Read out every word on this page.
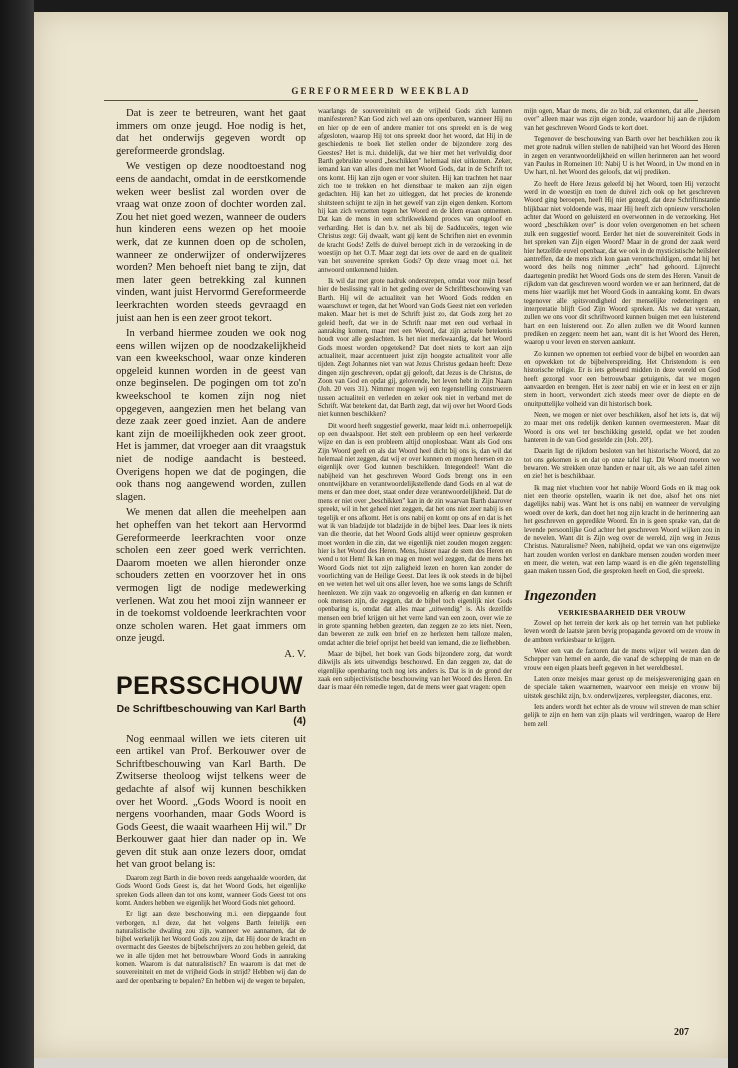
GEREFORMEERD WEEKBLAD

Dat is zeer te betreuren, want het gaat immers om onze jeugd. Hoe nodig is het, dat het onderwijs gegeven wordt op gereformeerde grondslag.

We vestigen op deze noodtoestand nog eens de aandacht, omdat in de eerstkomende weken weer beslist zal worden over de vraag wat onze zoon of dochter worden zal. Zou het niet goed wezen, wanneer de ouders hun kinderen eens wezen op het mooie werk, dat ze kunnen doen op de scholen, wanneer ze onderwijzer of onderwijzeres worden? Men behoeft niet bang te zijn, dat men later geen betrekking zal kunnen vinden, want juist Hervormd Gereformeerde leerkrachten worden steeds gevraagd en juist aan hen is een zeer groot tekort.

In verband hiermee zouden we ook nog eens willen wijzen op de noodzakelijkheid van een kweekschool, waar onze kinderen opgeleid kunnen worden in de geest van onze beginselen. De pogingen om tot zo'n kweekschool te komen zijn nog niet opgegeven, aangezien men het belang van deze zaak zeer goed inziet. Aan de andere kant zijn de moeilijkheden ook zeer groot. Het is jammer, dat vroeger aan dit vraagstuk niet de nodige aandacht is besteed. Overigens hopen we dat de pogingen, die ook thans nog aangewend worden, zullen slagen.

We menen dat allen die meehelpen aan het opheffen van het tekort aan Hervormd Gereformeerde leerkrachten voor onze scholen een zeer goed werk verrichten. Daarom moeten we allen hieronder onze schouders zetten en voorzover het in ons vermogen ligt de nodige medewerking verlenen. Wat zou het mooi zijn wanneer er in de toekomst voldoende leerkrachten voor onze scholen waren. Het gaat immers om onze jeugd.

A. V.

PERSSCHOUW
De Schriftbeschouwing van Karl Barth (4)

Nog eenmaal willen we iets citeren uit een artikel van Prof. Berkouwer over de Schriftbeschouwing van Karl Barth. De Zwitserse theoloog wijst telkens weer de gedachte af alsof wij kunnen beschikken over het Woord. „Gods Woord is nooit en nergens voorhanden, maar Gods Woord is Gods Geest, die waait waarheen Hij wil." Dr Berkouwer gaat hier dan nader op in. We geven dit stuk aan onze lezers door, omdat het van groot belang is:

Daarom zegt Barth in die boven reeds aangehaalde woorden, dat Gods Woord Gods Geest is, dat het Woord Gods, het eigenlijke spreken Gods alleen dan tot ons komt, wanneer Gods Geest tot ons komt. Anders hebben we eigenlijk het Woord Gods niet gehoord.

Er ligt aan deze beschouwing m.i. een diepgaande fout verborgen, n.l deze, dat het volgens Barth feitelijk een naturalistische dwaling zou zijn, wanneer we aannamen, dat de bijbel werkelijk het Woord Gods zou zijn, dat Hij door de kracht en overmacht des Geestes de bijbelschrijvers zo zou hebben geleid, dat we in alle tijden met het betrouwbare Woord Gods in aanraking komen. Waarom is dat naturalistisch? En waarom is dat met de souvereiniteit en met de vrijheid Gods in strijd? Hebben wij dan de aard der openbaring te bepalen? En hebben wij de wegen te bepalen,

waarlangs de souvereiniteit en de vrijheid Gods zich kunnen manifesteren? Kan God zich wel aan ons openbaren, wanneer Hij nu en hier op de een of andere manier tot ons spreekt en is de weg afgesloten, waarop Hij tot ons spreekt door het woord, dat Hij in de geschiedenis te boek liet stellen onder de bijzondere zorg des Geestes? Het is m.i. duidelijk, dat we hier met het verlvuldig door Barth gebruikte woord „beschikken" helemaal niet uitkomen. Zeker, iemand kan van alles doen met het Woord Gods, dat in de Schrift tot ons komt. Hij kan zijn ogen er voor sluiten. Hij kan trachten het naar zich toe te trekken en het dienstbaar te maken aan zijn eigen gedachten. Hij kan het zo uitleggen, dat het precies de kronende sluitsteen schijnt te zijn in het gewelf van zijn eigen denken. Kortom hij kan zich verzetten tegen het Woord en de klem eraan ontnemen. Dat kan de mens in een schrikwekkend proces van ongeloof en verharding. Het is dan b.v. net als bij de Sadduceërs, tegen wie Christus zegt: Gij dwaalt, want gij kent de Schriften niet en evenmin de kracht Gods! Zelfs de duivel beroept zich in de verzoeking in de woestijn op het O.T. Maar zegt dat iets over de aard en de qualiteit van het souvereine spreken Gods? Op deze vraag moet o.i. het antwoord ontkennend luiden.

Ik wil dat met grote nadruk onderstrepen, omdat voor mijn besef hier de beslissing valt in het geding over de Schriftbeschouwing van Barth. Hij wil de actualiteit van het Woord Gods redden en waarschuwt er tegen, dat het Woord van Gods Geest niet een verleden maken. Maar het is met de Schrift juist zo, dat Gods zorg het zo geleid heeft, dat we in de Schrift naar met een oud verhaal in aanraking komen, maar met een Woord, dat zijn actuele betekenis houdt voor alle geslachten. Is het niet merkwaardig, dat het Woord Gods moest worden opgetekend? Dat doet niets te kort aan zijn actualiteit, maar accentueert juist zijn hoogste actualiteit voor alle tijden. Zegt Johannes niet van wat Jezus Christus gedaan heeft: Deze dingen zijn geschreven, opdat gij gelooft, dat Jezus is de Christus, de Zoon van God en opdat gij, gelovende, het leven hebt in Zijn Naam (Joh. 20 vers 31). Nimmer mogen wij een tegenstelling construeren tussen actualiteit en verleden en zeker ook niet in verband met de Schrift. Wat betekent dat, dat Barth zegt, dat wij over het Woord Gods niet kunnen beschikken?

Dit woord heeft suggestief gewerkt, maar leidt m.i. onherroepelijk op een dwaalspoor. Het stelt een probleem op een heel verkeerde wijze en dan is een probleem altijd onoplosbaar. Want als God ons Zijn Woord geeft en als dat Woord heel dicht bij ons is, dan wil dat helemaal niet zeggen, dat wij er over kunnen en mogen heersen en zo eigenlijk over God kunnen beschikken. Integendeel! Want die nabijheid van het geschreven Woord Gods brengt ons in een onontwijkbare en verantwoordelijkstellende dand Gods en al wat de mens er dan mee doet, staat onder deze verantwoordelijkheid. Dat de mens er niet over „beschikken" kan in de zin waarvan Barth daarover spreekt, wil in het geheel niet zeggen, dat het ons niet zeer nabij is en tegelijk er ons afkomt. Het is ons nabij en komt op ons af en dat is het wat ik van bladzijde tot bladzijde in de bijbel lees. Daar lees ik niets van die theorie, dat het Woord Gods altijd weer opnieuw gesproken moet worden in die zin, dat we eigenlijk niet zouden mogen zeggen: hier is het Woord des Heren. Mens, luister naar de stem des Heren en wend u tot Hem! Ik kan en mag en moet wel zeggen, dat de mens het Woord Gods niet tot zijn zaligheid lezen en horen kan zonder de voorlichting van de Heilige Geest. Dat lees ik ook steeds in de bijbel en we weten het wel uit ons aller leven, hoe we soms langs de Schrift heenlezen. We zijn vaak zo ongevoelig en afkerig en dan kunnen er ook mensen zijn, die zeggen, dat de bijbel toch eigenlijk niet Gods openbaring is, omdat dat alles maar „uitwendig" is. Als dezelfde mensen een brief krijgen uit het verre land van een zoon, over wie ze in grote spanning hebben gezeten, dan zeggen ze zo iets niet. Neen, dan beweren ze zulk een brief en ze herlezen hem talloze malen, omdat achter die brief oprijst het beeld van iemand, die ze liefhebben.

Maar de bijbel, het boek van Gods bijzondere zorg, dat wordt dikwijls als iets uitwendigs beschouwd. En dan zeggen ze, dat de eigenlijke openbaring toch nog iets anders is. Dat is in de grond der zaak een subjectivistische beschouwing van het Woord des Heren. En daar is maar één remedie tegen, dat de mens weer gaat vragen: open

mijn ogen, Maar de mens, die zo bidt, zal erkennen, dat alle „heersen over" alleen maar was zijn eigen zonde, waardoor hij aan de rijkdom van het geschreven Woord Gods te kort doet.

Tegenover de beschouwing van Barth over het beschikken zou ik met grote nadruk willen stellen de nabijheid van het Woord des Heren in zegen en verantwoordelijkheid en willen herinneren aan het woord van Paulus in Romeinen 10: Nabij U is het Woord, in Uw mond en in Uw hart, nl. het Woord des geloofs, dat wij prediken.

Zo heeft de Here Jezus geleefd bij het Woord, toen Hij verzocht werd in de woestijn en toen de duivel zich ook op het geschreven Woord ging beroepen, heeft Hij niet gezegd, dat deze Schriftinstantie blijkbaar niet voldoende was, maar Hij heeft zich opnieuw verscholen achter dat Woord en geluisterd en overwonnen in de verzoeking. Het woord „beschikken over" is door velen overgenomen en het scheen zulk een suggestief woord. Eerder het niet de souvereiniteit Gods in het spreken van Zijn eigen Woord? Maar in de grond der zaak werd hier hetzelfde euvel openbaar, dat we ook in de mysticistische heilsleer aantreffen, dat de mens zich kon gaan verontschuldigen, omdat hij het woord des heils nog nimmer „echt" had gehoord. Lijnrecht daartegenin predikt het Woord Gods ons de stem des Heren. Vanuit de rijkdom van dat geschreven woord worden we er aan herinnerd, dat de mens hier waarlijk met het Woord Gods in aanraking komt. En dwars tegenover alle spitsvondigheid der menselijke redeneringen en interpretatie blijft God Zijn Woord spreken. Als we dat verstaan, zullen we ons voor dit schriftwoord kunnen buigen met een luisterend hart en een luisterend oor. Zo allen zullen we dit Woord kunnen prediken en zeggen: neem het aan, want dit is het Woord des Heren, waarop u voor leven en sterven aankunt.

Zo kunnen we opnemen tot eerbied voor de bijbel en woorden aan en opwekken tot de bijbelverspreiding. Het Christendom is een historische religie. Er is iets gebeurd midden in deze wereld en God heeft gezorgd voor een betrouwbaar getuigenis, dat we mogen aanvaarden en brengen. Het is zeer nabij en wie er in leest en er zijn stem in hoort, verwondert zich steeds meer over de diepte en de onuitputtelijke volheid van dit historisch boek.

Neen, we mogen er niet over beschikken, alsof het iets is, dat wij zo maar met ons redelijk denken kunnen overmeesteren. Maar dit Woord is ons wel ter beschikking gesteld, opdat we het zouden hanteren in de van God gestelde zin (Joh. 20!).

Daarin ligt de rijkdom besloten van het historische Woord, dat zo tot ons gekomen is en dat op onze tafel ligt. Dit Woord moeten we bewaren. We strekken onze handen er naar uit, als we aan tafel zitten en zie! het is beschikbaar.

Ik mag niet vluchten voor het nabije Woord Gods en ik mag ook niet een theorie opstellen, waarin ik net doe, alsof het ons niet dagelijks nabij was. Want het is ons nabij en wanneer de vervulging woedt over de kerk, dan doet het nog zijn kracht in de herinnering aan het geschreven en gepredikte Woord. En in is geen sprake van, dat de levende persoonlijke God achter het geschreven Woord wijken zou in de nevelen. Want dit is Zijn weg over de wereld, zijn weg in Jezus Christus. Naturalisme? Neen, nabijheid, opdat we van ons eigenwijze hart zouden worden verlost en dankbare mensen zouden worden meer en meer, die weten, wat een lamp waard is en die géén tegenstelling gaan maken tussen God, die gesproken heeft en God, die spreekt.

Ingezonden
VERKIESBAARHEID DER VROUW

Zowel op het terrein der kerk als op het terrein van het publieke leven wordt de laatste jaren bevig propaganda gevoerd om de vrouw in de ambten verkiesbaar te krijgen.

Weer een van de factoren dat de mens wijzer wil wezen dan de Schepper van hemel en aarde, die vanaf de schepping de man en de vrouw een eigen plaats heeft gegeven in het wereldbestel.

Laten onze meisjes maar gerust op de meisjesvereniging gaan en de speciale taken waarnemen, waarvoor een meisje en vrouw bij uitstek geschikt zijn, b.v. onderwijzeres, verpleegster, diacones, enz.

Iets anders wordt het echter als de vrouw wil streven de man schier gelijk te zijn en hem van zijn plaats wil verdringen, waarop de Here hem zell

207
